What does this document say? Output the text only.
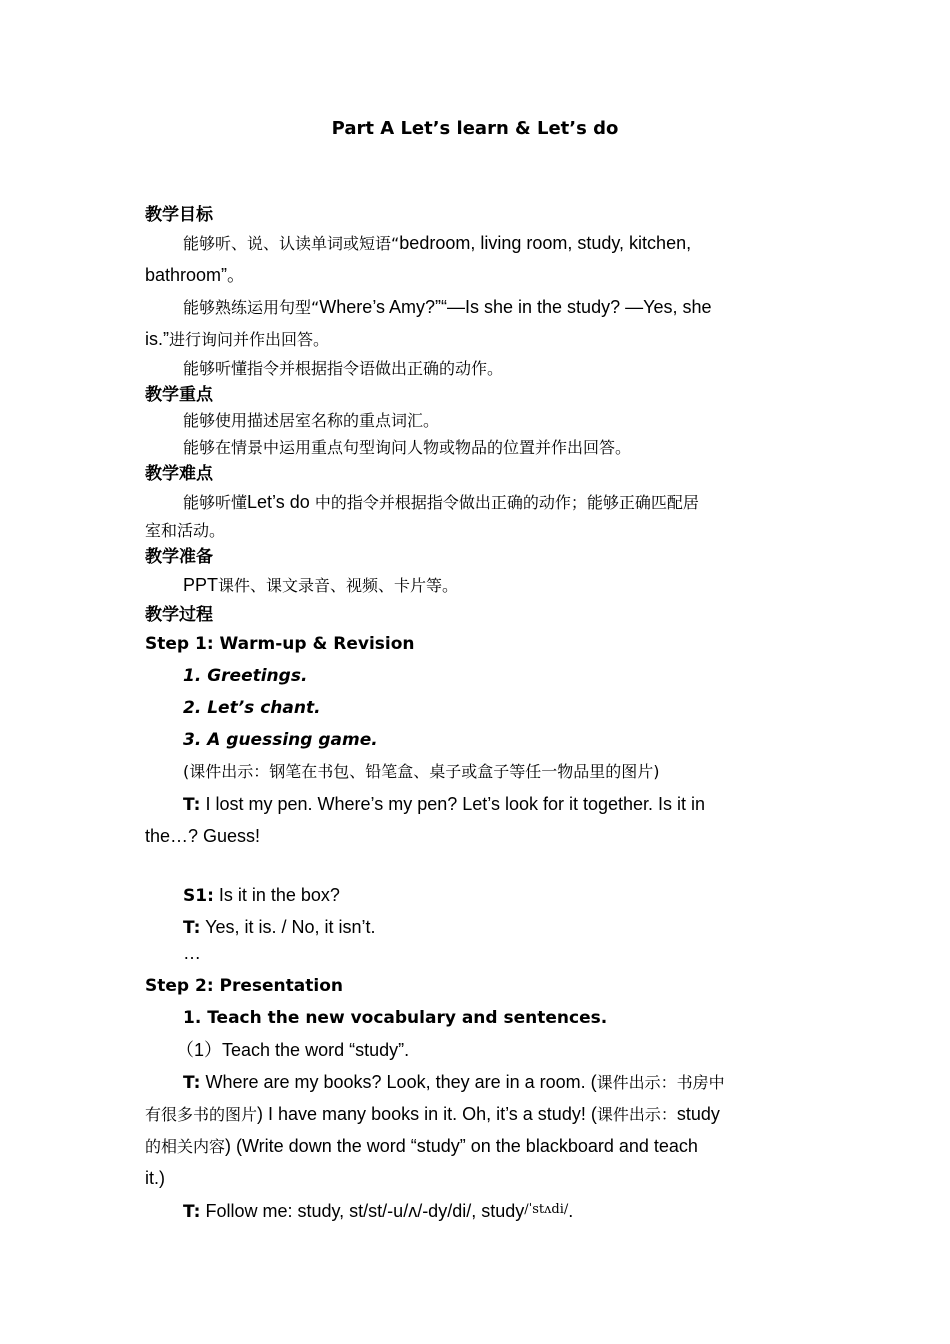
Part A Let’s learn & Let’s do
教学目标
能够听、说、认读单词或短语“bedroom, living room, study, kitchen,
bathroom”。
能够熟练运用句型“Where’s Amy?”“—Is she in the study? —Yes, she
is.”进行询问并作出回答。
能够听懂指令并根据指令语做出正确的动作。
教学重点
能够使用描述居室名称的重点词汇。
能够在情景中运用重点句型询问人物或物品的位置并作出回答。
教学难点
能够听懂Let’s do 中的指令并根据指令做出正确的动作；能够正确匹配居
室和活动。
教学准备
PPT课件、课文录音、视频、卡片等。
教学过程
Step 1: Warm-up & Revision
1. Greetings.
2. Let’s chant.
3. A guessing game.
(课件出示：钢笔在书包、铅笔盒、桌子或盒子等任一物品里的图片)
T: I lost my pen. Where’s my pen? Let’s look for it together. Is it in
the…? Guess!
S1: Is it in the box?
T: Yes, it is. / No, it isn’t.
…
Step 2: Presentation
1. Teach the new vocabulary and sentences.
（1）Teach the word “study”.
T: Where are my books? Look, they are in a room. (课件出示：书房中
有很多书的图片) I have many books in it. Oh, it’s a study! (课件出示：study
的相关内容) (Write down the word “study” on the blackboard and teach
it.)
T: Follow me: study, st/st/-u/ʌ/-dy/di/, study$^{/ˈstʌdi/}$.
